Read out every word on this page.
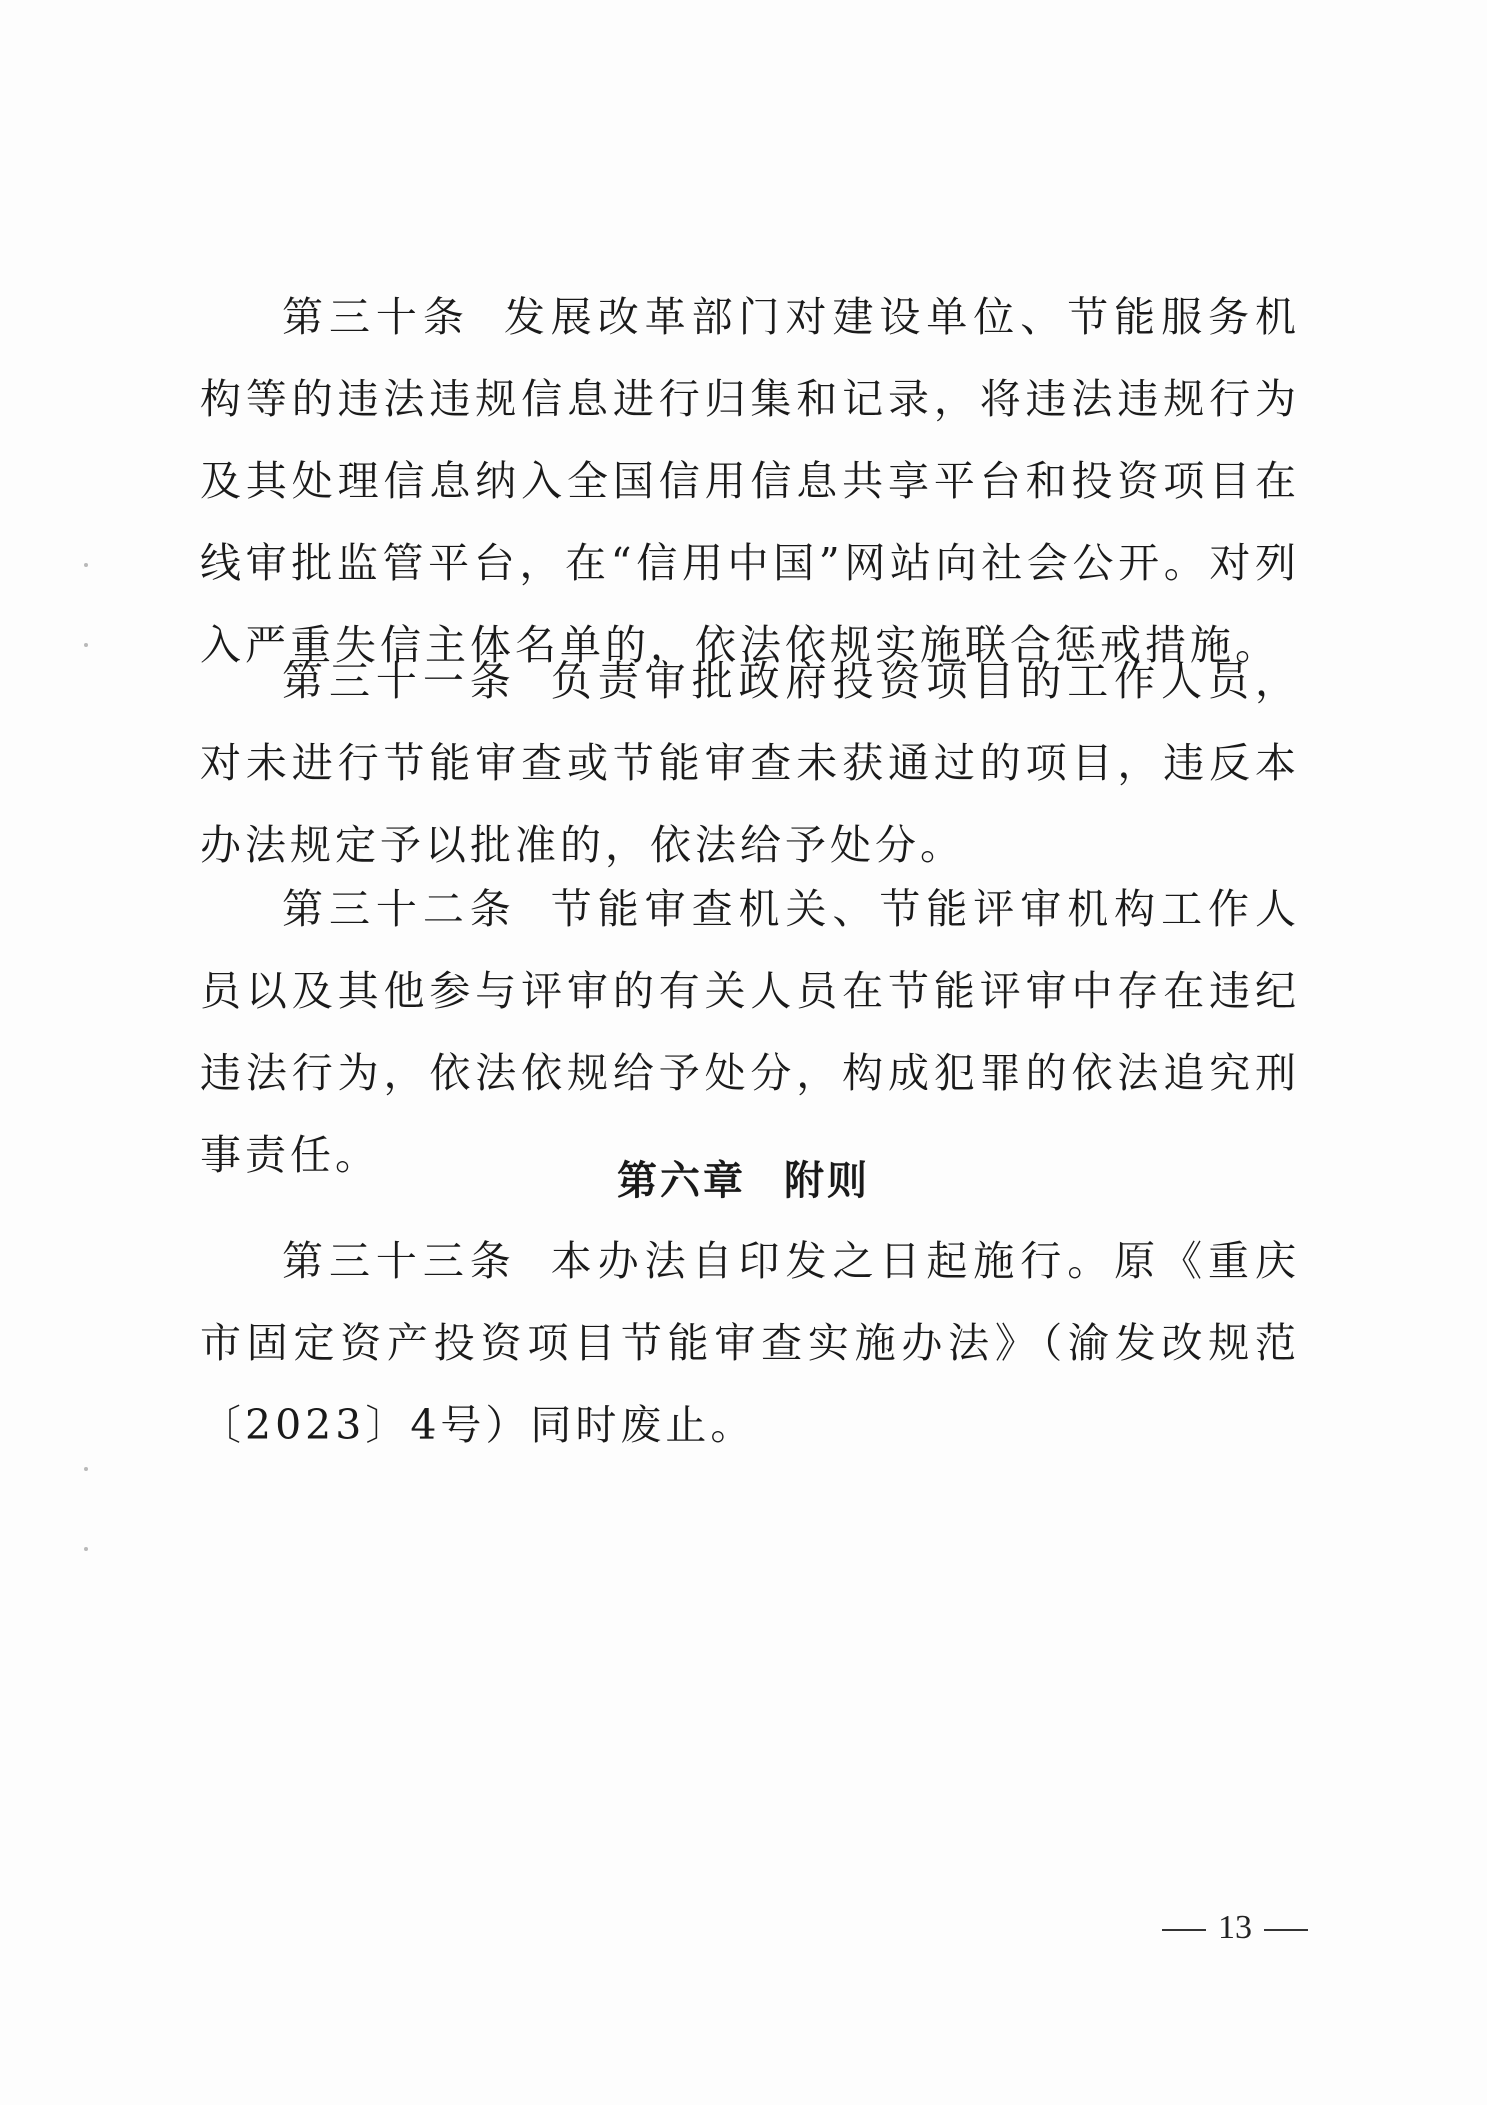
第三十条 发展改革部门对建设单位、节能服务机构等的违法违规信息进行归集和记录，将违法违规行为及其处理信息纳入全国信用信息共享平台和投资项目在线审批监管平台，在“信用中国”网站向社会公开。对列入严重失信主体名单的，依法依规实施联合惩戒措施。

第三十一条 负责审批政府投资项目的工作人员，对未进行节能审查或节能审查未获通过的项目，违反本办法规定予以批准的，依法给予处分。

第三十二条 节能审查机关、节能评审机构工作人员以及其他参与评审的有关人员在节能评审中存在违纪违法行为，依法依规给予处分，构成犯罪的依法追究刑事责任。

第六章 附则

第三十三条 本办法自印发之日起施行。原《重庆市固定资产投资项目节能审查实施办法》（渝发改规范〔2023〕4号）同时废止。

13
